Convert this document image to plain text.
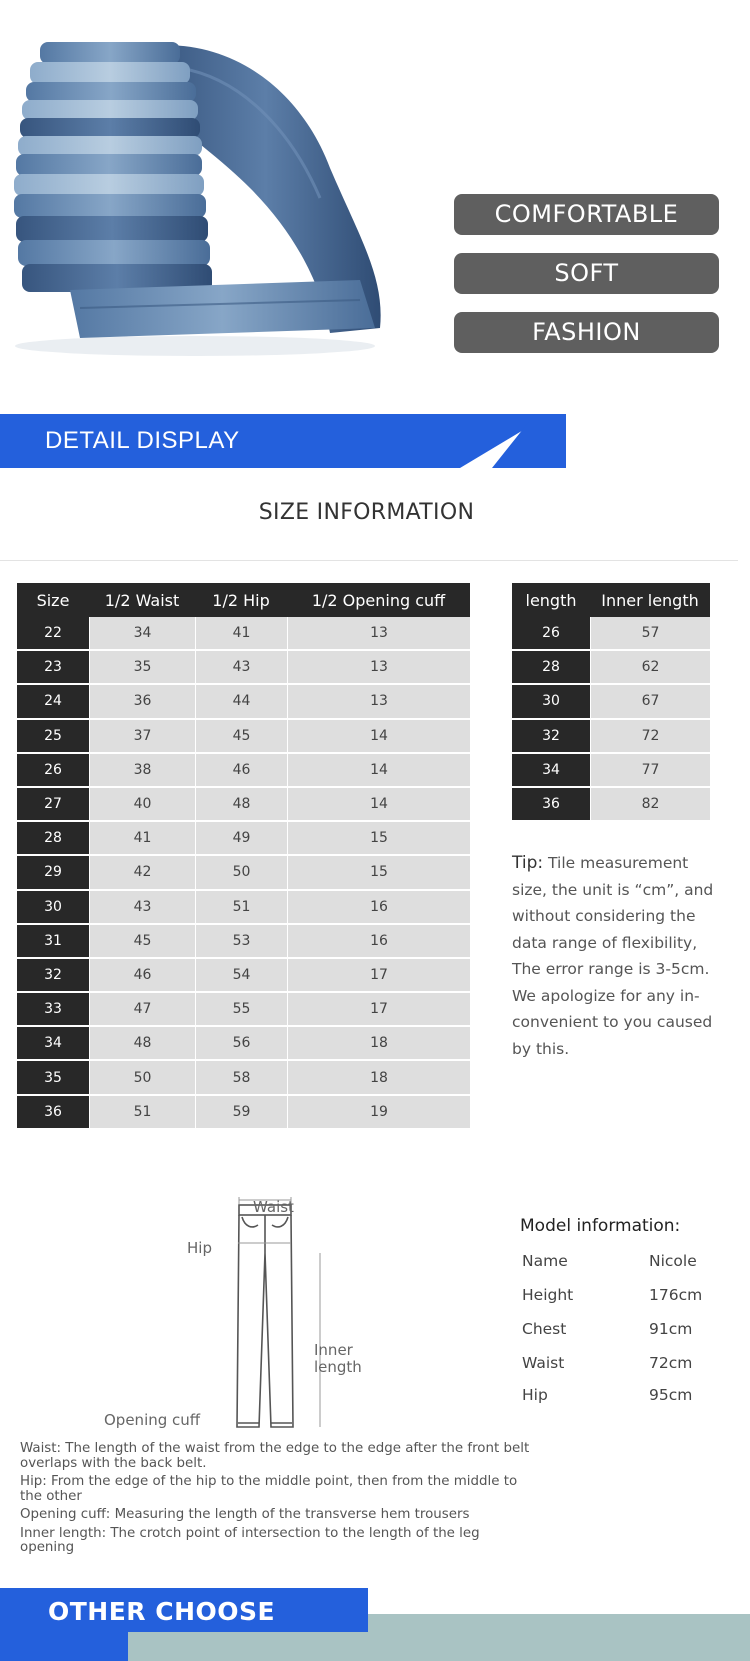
COMFORTABLE
SOFT
FASHION
DETAIL DISPLAY
SIZE INFORMATION
Size	1/2 Waist	1/2 Hip	1/2 Opening cuff
22	34	41	13
23	35	43	13
24	36	44	13
25	37	45	14
26	38	46	14
27	40	48	14
28	41	49	15
29	42	50	15
30	43	51	16
31	45	53	16
32	46	54	17
33	47	55	17
34	48	56	18
35	50	58	18
36	51	59	19
length	Inner length
26	57
28	62
30	67
32	72
34	77
36	82
Tip: Tile measurement size, the unit is “cm”, and without considering the data range of flexibility, The error range is 3-5cm. We apologize for any in-convenient to you caused by this.
Waist
Hip
Inner length
Opening cuff
Model information:
Name	Nicole
Height	176cm
Chest	91cm
Waist	72cm
Hip	95cm

Waist: The length of the waist from the edge to the edge after the front belt overlaps with the back belt.

Hip: From the edge of the hip to the middle point, then from the middle to the other

Opening cuff: Measuring the length of the transverse hem trousers

Inner length: The crotch point of intersection to the length of the leg opening

OTHER CHOOSE
